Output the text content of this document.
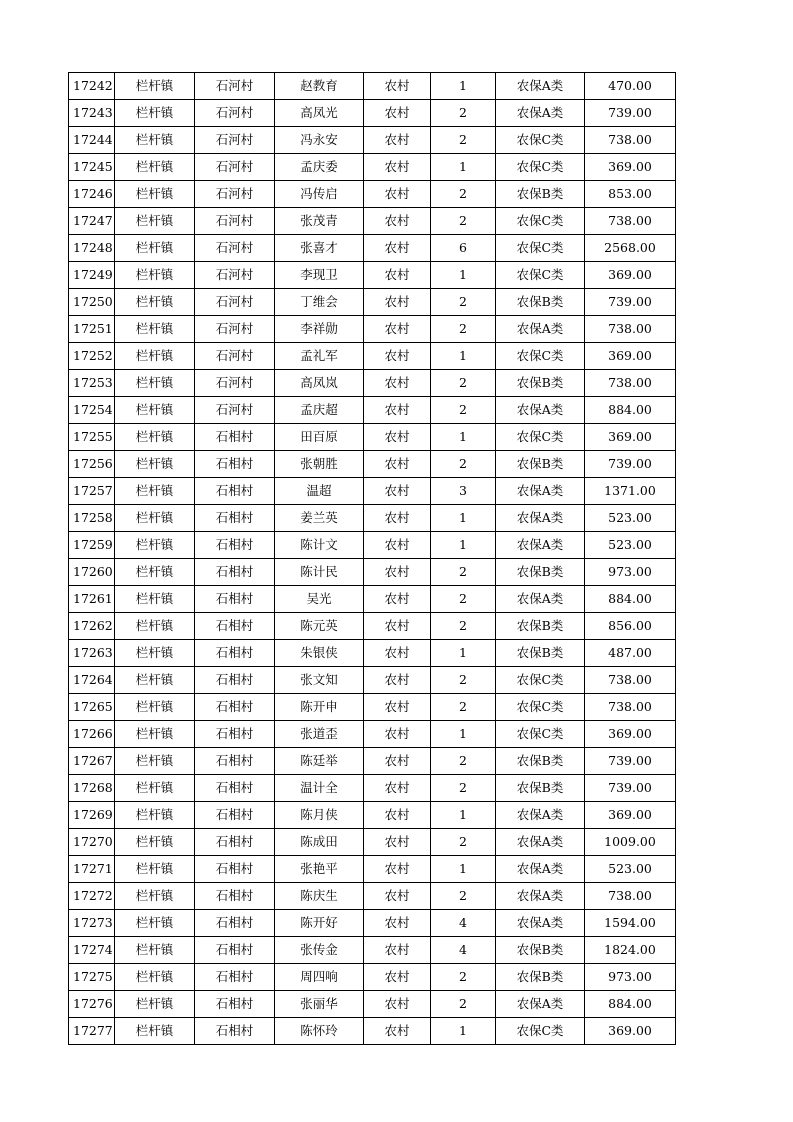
17242	栏杆镇	石河村	赵教育	农村	1	农保A类	470.00
17243	栏杆镇	石河村	高凤光	农村	2	农保A类	739.00
17244	栏杆镇	石河村	冯永安	农村	2	农保C类	738.00
17245	栏杆镇	石河村	孟庆委	农村	1	农保C类	369.00
17246	栏杆镇	石河村	冯传启	农村	2	农保B类	853.00
17247	栏杆镇	石河村	张茂青	农村	2	农保C类	738.00
17248	栏杆镇	石河村	张喜才	农村	6	农保C类	2568.00
17249	栏杆镇	石河村	李现卫	农村	1	农保C类	369.00
17250	栏杆镇	石河村	丁维会	农村	2	农保B类	739.00
17251	栏杆镇	石河村	李祥勋	农村	2	农保A类	738.00
17252	栏杆镇	石河村	孟礼军	农村	1	农保C类	369.00
17253	栏杆镇	石河村	高凤岚	农村	2	农保B类	738.00
17254	栏杆镇	石河村	孟庆超	农村	2	农保A类	884.00
17255	栏杆镇	石相村	田百原	农村	1	农保C类	369.00
17256	栏杆镇	石相村	张朝胜	农村	2	农保B类	739.00
17257	栏杆镇	石相村	温超	农村	3	农保A类	1371.00
17258	栏杆镇	石相村	姜兰英	农村	1	农保A类	523.00
17259	栏杆镇	石相村	陈计文	农村	1	农保A类	523.00
17260	栏杆镇	石相村	陈计民	农村	2	农保B类	973.00
17261	栏杆镇	石相村	吴光	农村	2	农保A类	884.00
17262	栏杆镇	石相村	陈元英	农村	2	农保B类	856.00
17263	栏杆镇	石相村	朱银侠	农村	1	农保B类	487.00
17264	栏杆镇	石相村	张文知	农村	2	农保C类	738.00
17265	栏杆镇	石相村	陈开申	农村	2	农保C类	738.00
17266	栏杆镇	石相村	张道歪	农村	1	农保C类	369.00
17267	栏杆镇	石相村	陈廷举	农村	2	农保B类	739.00
17268	栏杆镇	石相村	温计全	农村	2	农保B类	739.00
17269	栏杆镇	石相村	陈月侠	农村	1	农保A类	369.00
17270	栏杆镇	石相村	陈成田	农村	2	农保A类	1009.00
17271	栏杆镇	石相村	张艳平	农村	1	农保A类	523.00
17272	栏杆镇	石相村	陈庆生	农村	2	农保A类	738.00
17273	栏杆镇	石相村	陈开好	农村	4	农保A类	1594.00
17274	栏杆镇	石相村	张传金	农村	4	农保B类	1824.00
17275	栏杆镇	石相村	周四响	农村	2	农保B类	973.00
17276	栏杆镇	石相村	张丽华	农村	2	农保A类	884.00
17277	栏杆镇	石相村	陈怀玲	农村	1	农保C类	369.00
